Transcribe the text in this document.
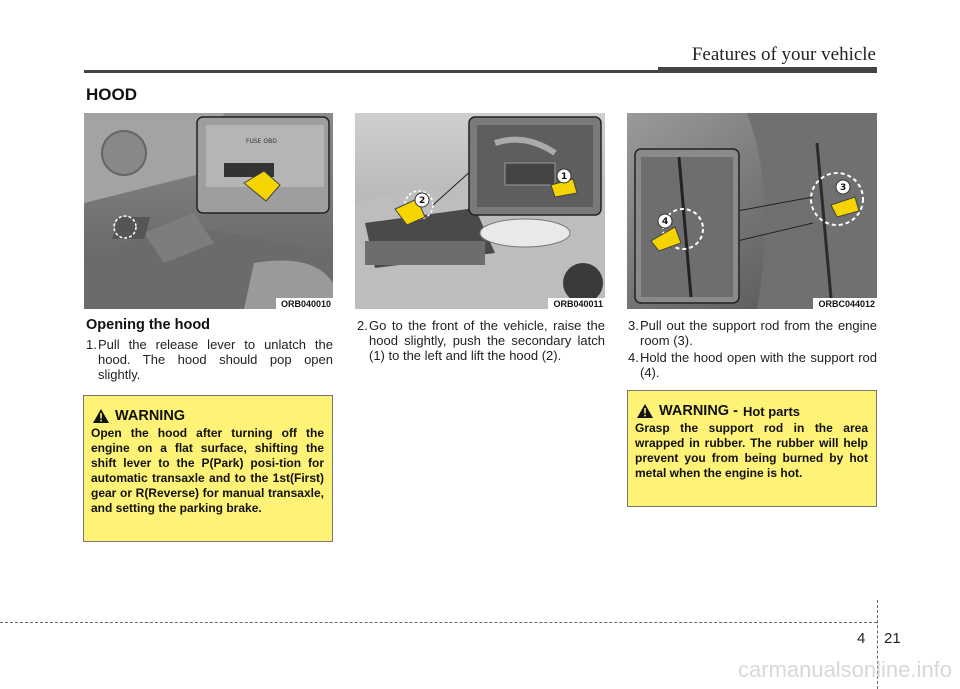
Features of your vehicle
HOOD
FUSE OBD
ORB040010
1
2
ORB040011
3
4
ORBC044012
Opening the hood
1. Pull the release lever to unlatch the hood. The hood should pop open slightly.
2. Go to the front of the vehicle, raise the hood slightly, push the secondary latch (1) to the left and lift the hood (2).
3. Pull out the support rod from the engine room (3).
4. Hold the hood open with the support rod (4).
WARNING
Open the hood after turning off the engine on a flat surface, shifting the shift lever to the P(Park) posi-tion for automatic transaxle and to the 1st(First) gear or R(Reverse) for manual transaxle, and setting the parking brake.
WARNING - Hot parts
Grasp the support rod in the area wrapped in rubber. The rubber will help prevent you from being burned by hot metal when the engine is hot.
4 21
carmanualsonline.info
